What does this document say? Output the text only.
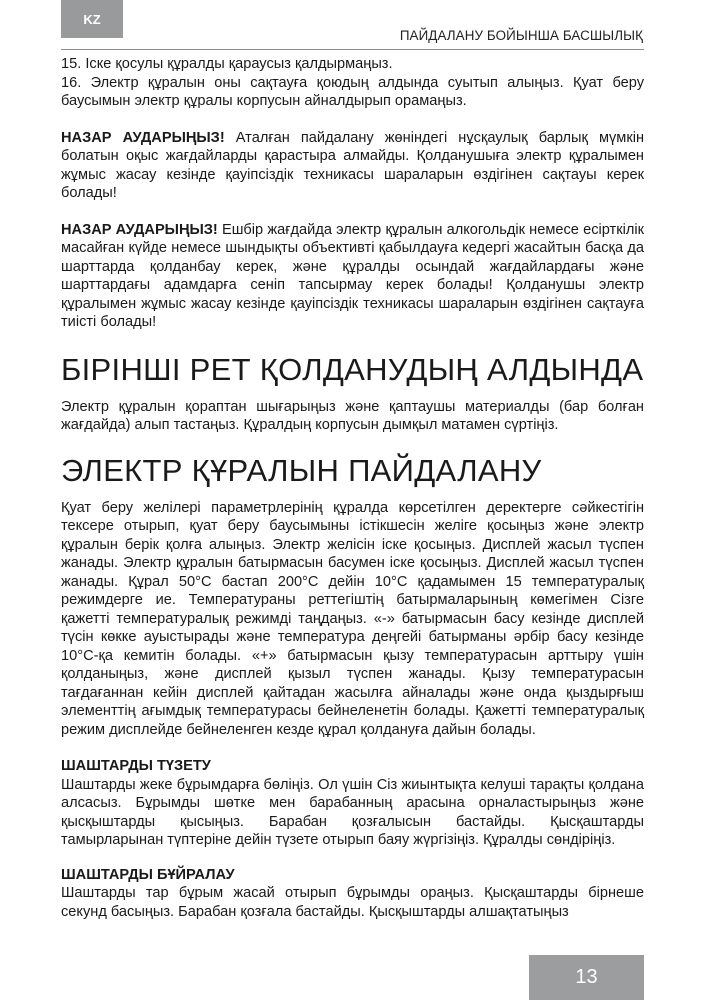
KZ
ПАЙДАЛАНУ БОЙЫНША БАСШЫЛЫҚ

15. Іске қосулы құралды қараусыз қалдырмаңыз.

16. Электр құралын оны сақтауға қоюдың алдында суытып алыңыз. Қуат беру баусымын электр құралы корпусын айналдырып орамаңыз.

НАЗАР АУДАРЫҢЫЗ! Аталған пайдалану жөніндегі нұсқаулық барлық мүмкін болатын оқыс жағдайларды қарастыра алмайды. Қолданушыға электр құралымен жұмыс жасау кезінде қауіпсіздік техникасы шараларын өздігінен сақтауы керек болады!

НАЗАР АУДАРЫҢЫЗ! Ешбір жағдайда электр құралын алкогольдік немесе есірткілік масайған күйде немесе шындықты объективті қабылдауға кедергі жасайтын басқа да шарттарда қолданбау керек, және құралды осындай жағдайлардағы және шарттардағы адамдарға сеніп тапсырмау керек болады! Қолданушы электр құралымен жұмыс жасау кезінде қауіпсіздік техникасы шараларын өздігінен сақтауға тиісті болады!

БІРІНШІ РЕТ ҚОЛДАНУДЫҢ АЛДЫНДА

Электр құралын қораптан шығарыңыз және қаптаушы материалды (бар болған жағдайда) алып тастаңыз. Құралдың корпусын дымқыл матамен сүртіңіз.

ЭЛЕКТР ҚҰРАЛЫН ПАЙДАЛАНУ

Қуат беру желілері параметрлерінің құралда көрсетілген деректерге сәйкестігін тексере отырып, қуат беру баусымыны істікшесін желіге қосыңыз және электр құралын берік қолға алыңыз. Электр желісін іске қосыңыз. Дисплей жасыл түспен жанады. Электр құралын батырмасын басумен іске қосыңыз. Дисплей жасыл түспен жанады. Құрал 50°С бастап 200°С дейін 10°С қадамымен 15 температуралық режимдерге ие. Температураны реттегіштің батырмаларының көмегімен Сізге қажетті температуралық режимді таңдаңыз. «-» батырмасын басу кезінде дисплей түсін көкке ауыстырады және температура деңгейі батырманы әрбір басу кезінде 10°С-қа кемитін болады. «+» батырмасын қызу температурасын арттыру үшін қолданыңыз, және дисплей қызыл түспен жанады. Қызу температурасын тағдағаннан кейін дисплей қайтадан жасылға айналады және онда қыздырғыш элементтің ағымдық температурасы бейнеленетін болады. Қажетті температуралық режим дисплейде бейнеленген кезде құрал қолдануға дайын болады.

ШАШТАРДЫ ТҮЗЕТУ

Шаштарды жеке бұрымдарға бөліңіз. Ол үшін Сіз жиынтықта келуші тарақты қолдана алсасыз. Бұрымды шөтке мен барабанның арасына орналастырыңыз және қысқыштарды қысыңыз. Барабан қозғалысын бастайды. Қысқаштарды тамырларынан түптеріне дейін түзете отырып баяу жүргізіңіз. Құралды сөндіріңіз.

ШАШТАРДЫ БҰЙРАЛАУ

Шаштарды тар бұрым жасай отырып бұрымды ораңыз. Қысқаштарды бірнеше секунд басыңыз. Барабан қозғала бастайды. Қысқыштарды алшақтатыңыз

13
